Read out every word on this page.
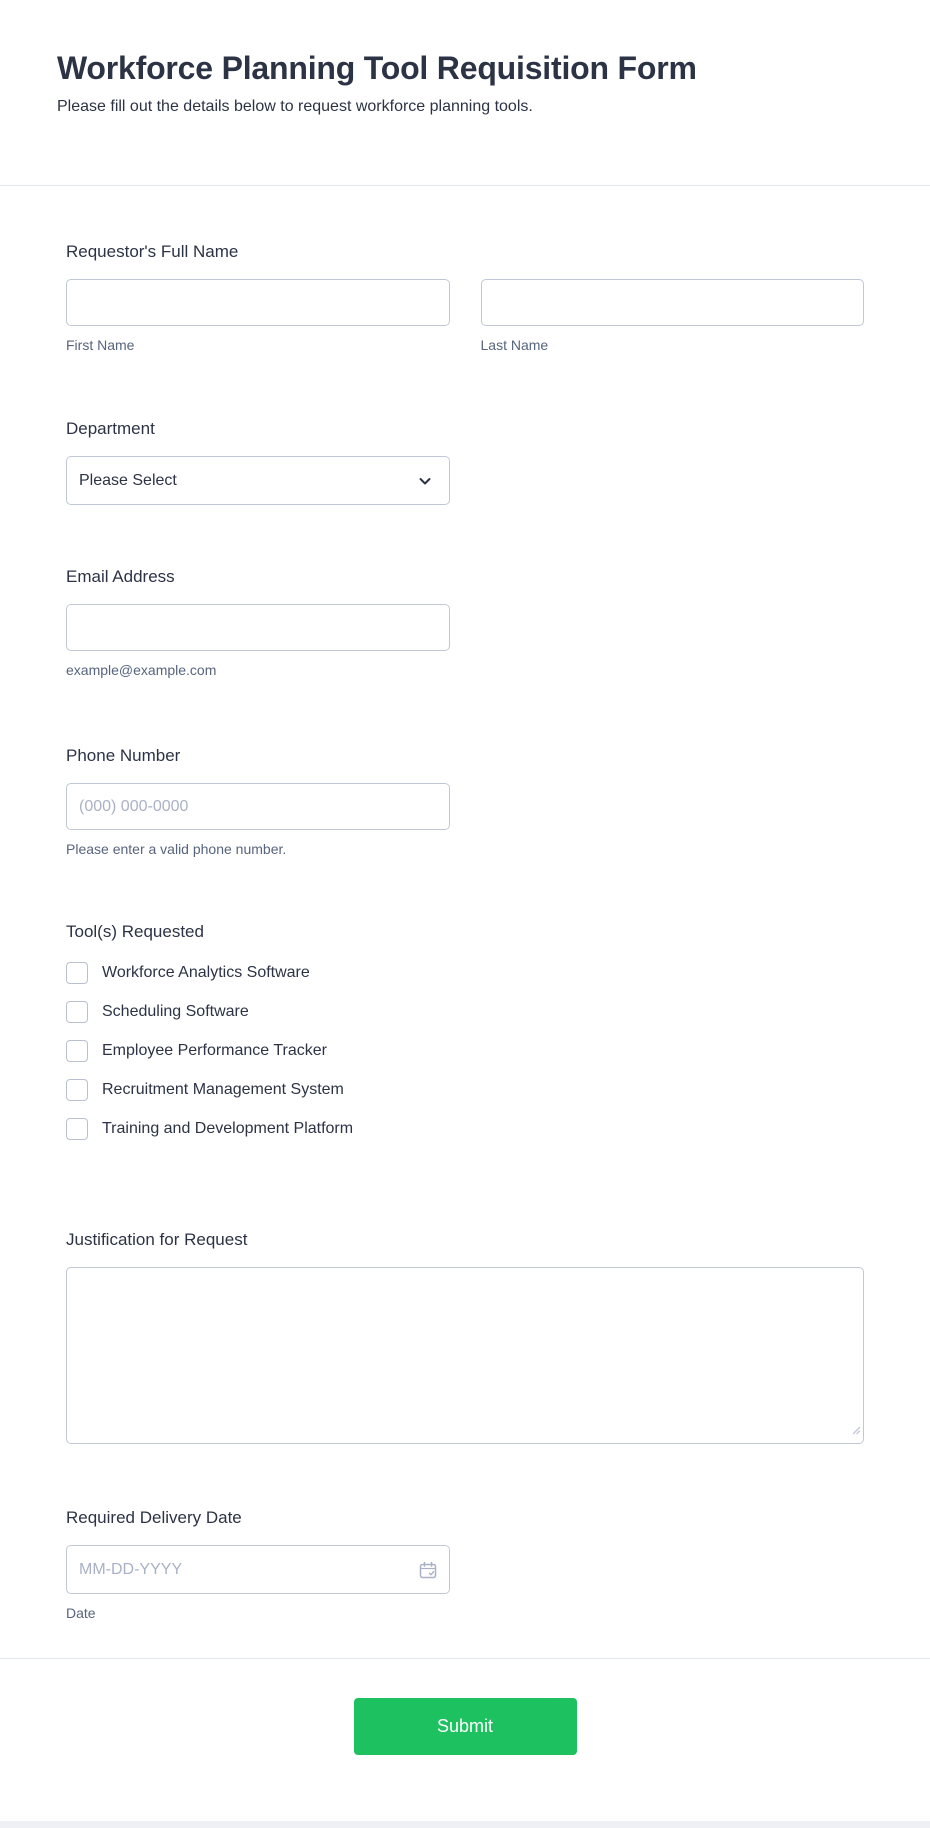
Workforce Planning Tool Requisition Form
Please fill out the details below to request workforce planning tools.
Requestor's Full Name
First Name	Last Name
Department
Please Select
Email Address
example@example.com
Phone Number
(000) 000-0000
Please enter a valid phone number.
Tool(s) Requested
Workforce Analytics Software
Scheduling Software
Employee Performance Tracker
Recruitment Management System
Training and Development Platform
Justification for Request
Required Delivery Date
MM-DD-YYYY
Date
Submit
